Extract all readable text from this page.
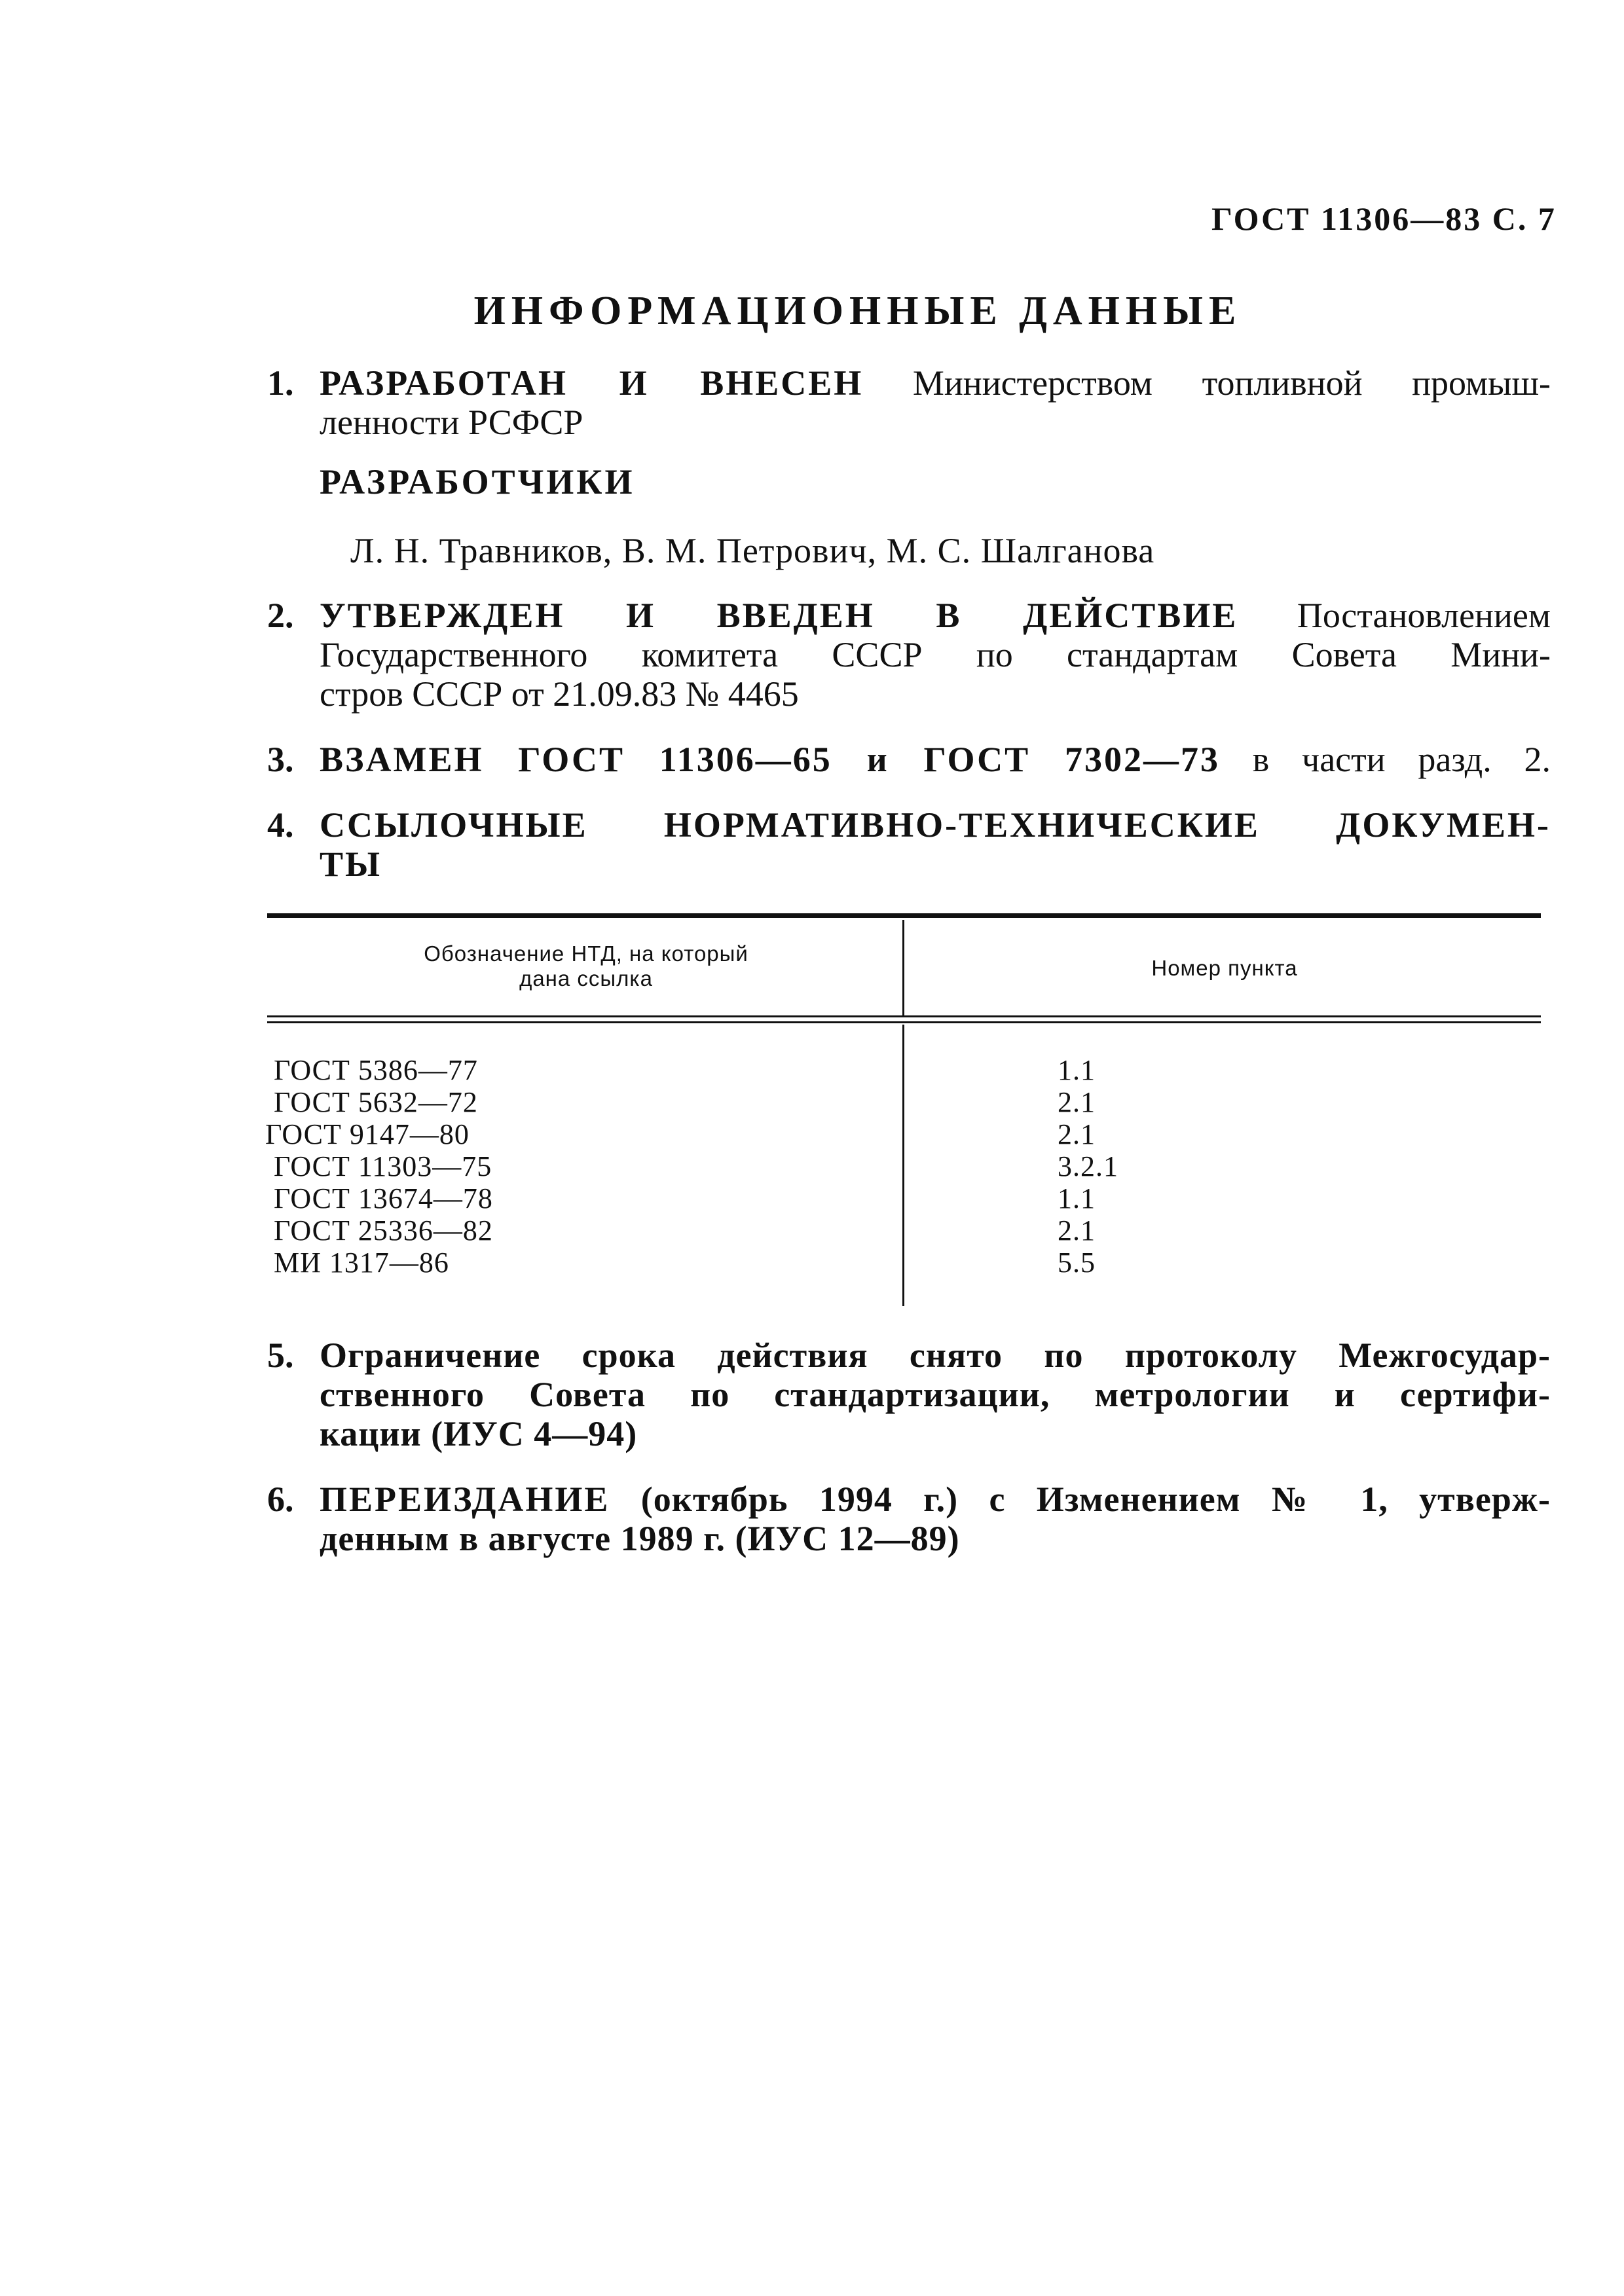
ГОСТ 11306—83 С. 7
ИНФОРМАЦИОННЫЕ ДАННЫЕ
1. РАЗРАБОТАН И ВНЕСЕН Министерством топливной промыш-
ленности РСФСР
РАЗРАБОТЧИКИ
Л. Н. Травников, В. М. Петрович, М. С. Шалганова
2. УТВЕРЖДЕН И ВВЕДЕН В ДЕЙСТВИЕ Постановлением
Государственного комитета СССР по стандартам Совета Мини-
стров СССР от 21.09.83 № 4465
3. ВЗАМЕН ГОСТ 11306—65 и ГОСТ 7302—73 в части разд. 2.
4. ССЫЛОЧНЫЕ НОРМАТИВНО-ТЕХНИЧЕСКИЕ ДОКУМЕН-
ТЫ
Обозначение НТД, на который
дана ссылка	Номер пункта
ГОСТ 5386—77	1.1
ГОСТ 5632—72	2.1
ГОСТ 9147—80	2.1
ГОСТ 11303—75	3.2.1
ГОСТ 13674—78	1.1
ГОСТ 25336—82	2.1
МИ 1317—86	5.5
5. Ограничение срока действия снято по протоколу Межгосудар-
ственного Совета по стандартизации, метрологии и сертифи-
кации (ИУС 4—94)
6. ПЕРЕИЗДАНИЕ (октябрь 1994 г.) с Изменением № 1, утверж-
денным в августе 1989 г. (ИУС 12—89)
